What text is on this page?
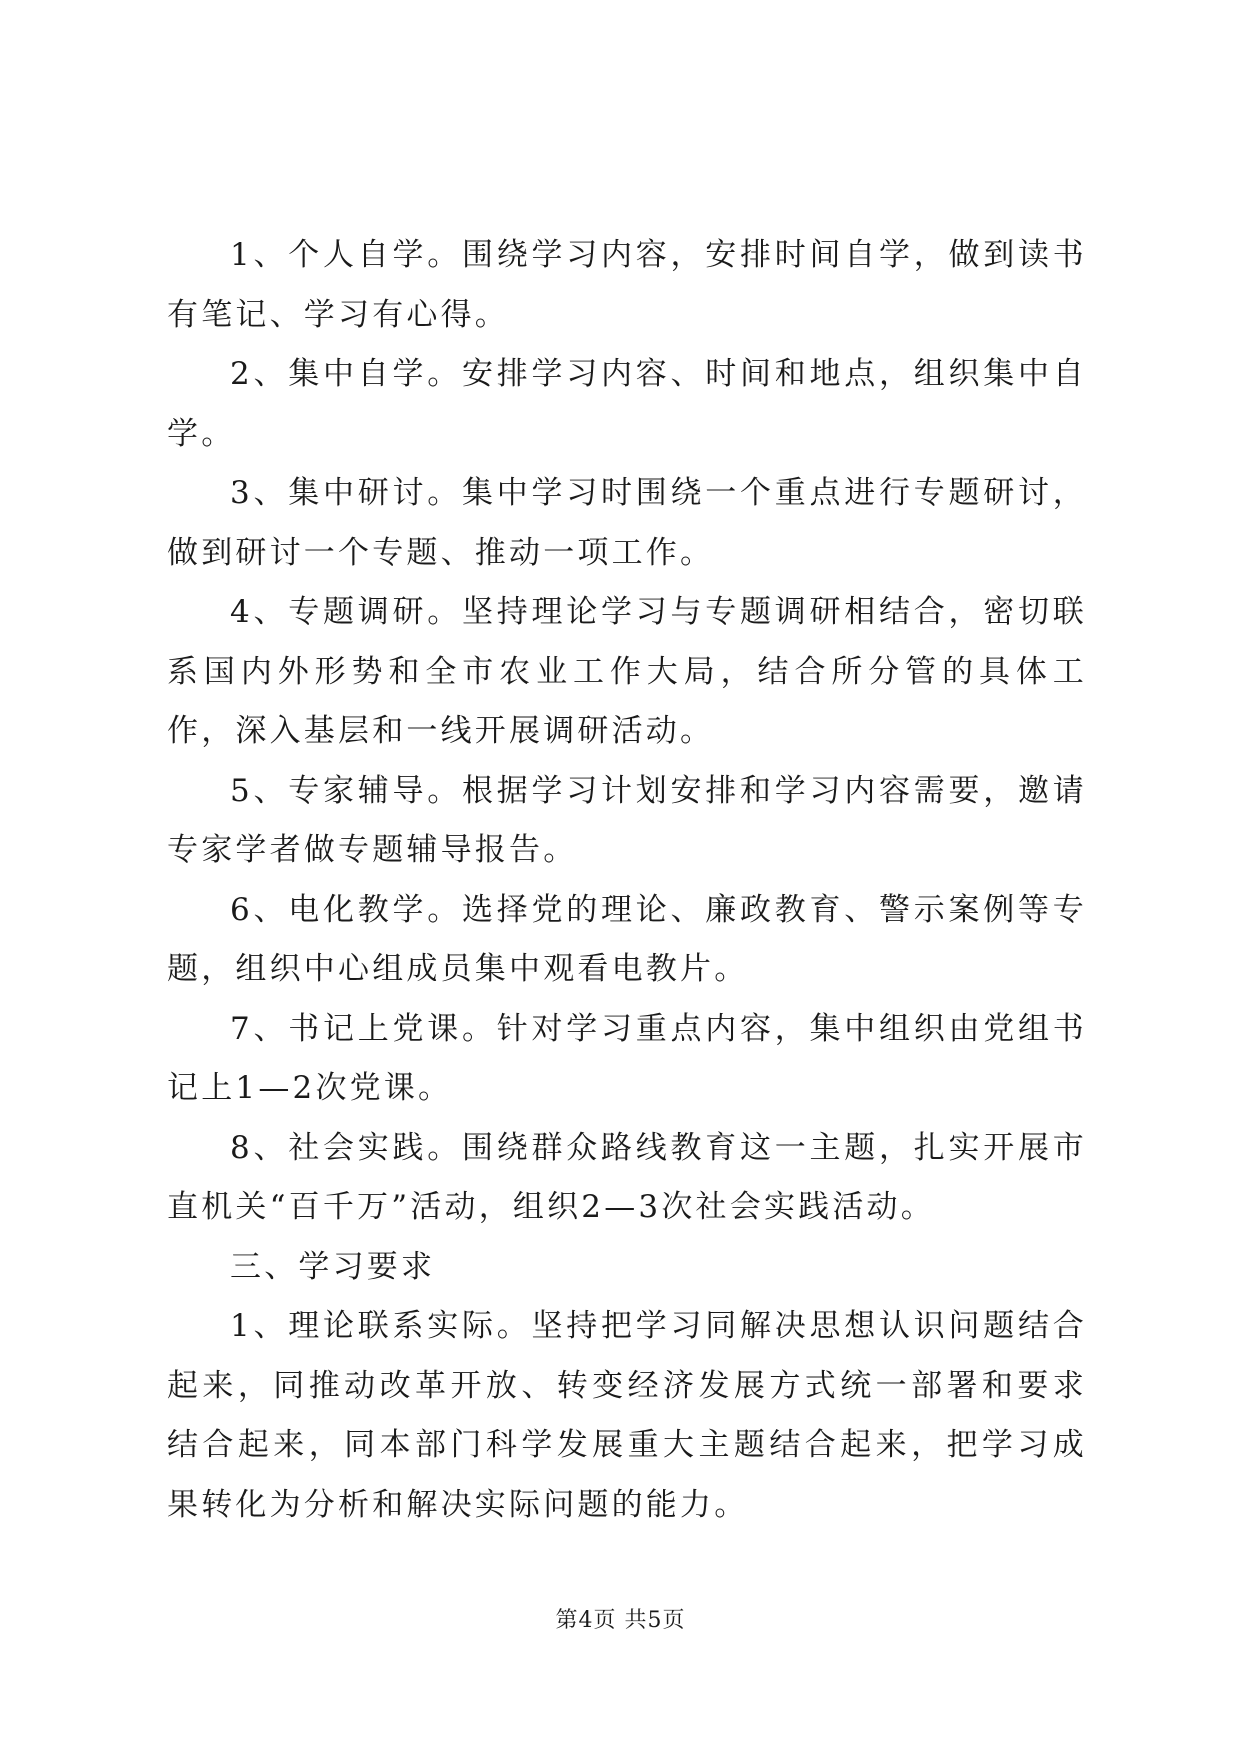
1、个人自学。围绕学习内容，安排时间自学，做到读书有笔记、学习有心得。

2、集中自学。安排学习内容、时间和地点，组织集中自学。

3、集中研讨。集中学习时围绕一个重点进行专题研讨，做到研讨一个专题、推动一项工作。

4、专题调研。坚持理论学习与专题调研相结合，密切联系国内外形势和全市农业工作大局，结合所分管的具体工作，深入基层和一线开展调研活动。

5、专家辅导。根据学习计划安排和学习内容需要，邀请专家学者做专题辅导报告。

6、电化教学。选择党的理论、廉政教育、警示案例等专题，组织中心组成员集中观看电教片。

7、书记上党课。针对学习重点内容，集中组织由党组书记上1—2次党课。

8、社会实践。围绕群众路线教育这一主题，扎实开展市直机关“百千万”活动，组织2—3次社会实践活动。

三、学习要求

1、理论联系实际。坚持把学习同解决思想认识问题结合起来，同推动改革开放、转变经济发展方式统一部署和要求结合起来，同本部门科学发展重大主题结合起来，把学习成果转化为分析和解决实际问题的能力。

第4页 共5页
